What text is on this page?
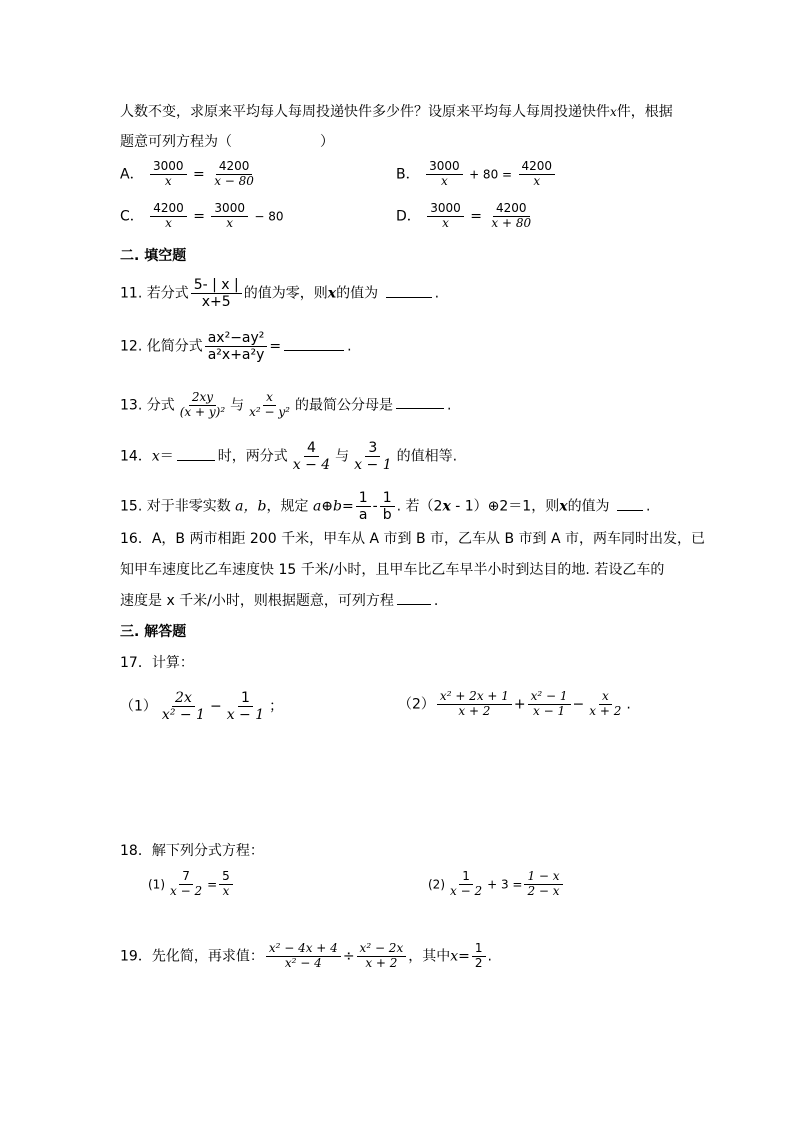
人数不变，求原来平均每人每周投递快件多少件？设原来平均每人每周投递快件x件，根据
题意可列方程为（	）
A． $\frac{3000}{x} = \frac{4200}{x - 80}$	B． $\frac{3000}{x} + 80 = \frac{4200}{x}$
C． $\frac{4200}{x} = \frac{3000}{x} - 80$	D． $\frac{3000}{x} = \frac{4200}{x + 80}$
二. 填空题
11. 若分式 $\frac{5- | x |}{x+5}$ 的值为零，则x的值为	.
12. 化简分式 $\frac{\text{ax²−ay²}}{\text{a²x+a²y}}$ =	.
13. 分式 $\frac{2xy}{\text{(x + y)²}}$ 与 $\frac{x}{\text{x² − y²}}$ 的最简公分母是	.
14．x＝	时，两分式 $\frac{4}{x - 4}$ 与 $\frac{3}{x - 1}$ 的值相等.
15. 对于非零实数 a，b，规定 a⊕b= $\frac{1}{a} - \frac{1}{b}$ . 若（2x - 1）⊕2＝1，则x的值为	.
16．A，B 两市相距 200 千米，甲车从 A 市到 B 市，乙车从 B 市到 A 市，两车同时出发，已
知甲车速度比乙车速度快 15 千米/小时，且甲车比乙车早半小时到达目的地. 若设乙车的
速度是 x 千米/小时，则根据题意，可列方程	.
三. 解答题
17．计算：
$(1) \frac{2x}{\text{x² − 1}} - \frac{1}{x - 1}$ ；	$(2) \frac{\text{x² + 2x + 1}}{x + 2} + \frac{\text{x² − 1}}{x - 1} - \frac{x}{x + 2}$ .
18．解下列分式方程：
$(1) \frac{7}{x - 2} = \frac{5}{x}$	$(2) \frac{1}{x - 2} + 3 = \frac{1 - x}{2 - x}$
19．先化简，再求值： $\frac{\text{x² − 4x + 4}}{\text{x² − 4}} \div \frac{\text{x² − 2x}}{x + 2}$ ，其中$x= \frac{1}{2}$ .
